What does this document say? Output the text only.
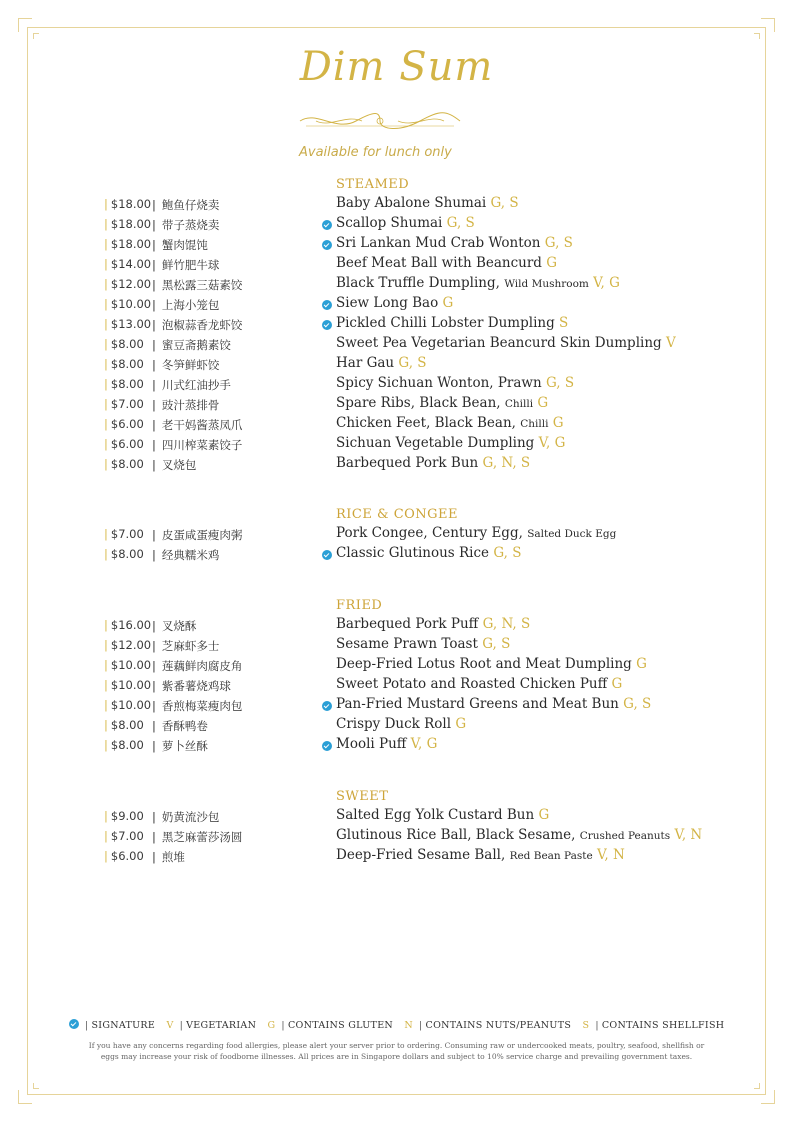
Dim Sum
Available for lunch only
STEAMED
| $18.00 | 鲍鱼仔烧卖	Baby Abalone Shumai G, S
| $18.00 | 带子蒸烧卖	Scallop Shumai G, S
| $18.00 | 蟹肉馄饨	Sri Lankan Mud Crab Wonton G, S
| $14.00 | 鲜竹肥牛球	Beef Meat Ball with Beancurd G
| $12.00 | 黑松露三菇素饺	Black Truffle Dumpling, Wild Mushroom V, G
| $10.00 | 上海小笼包	Siew Long Bao G
| $13.00 | 泡椒蒜香龙虾饺	Pickled Chilli Lobster Dumpling S
| $8.00 | 蜜豆斋鹅素饺	Sweet Pea Vegetarian Beancurd Skin Dumpling V
| $8.00 | 冬笋鲜虾饺	Har Gau G, S
| $8.00 | 川式红油抄手	Spicy Sichuan Wonton, Prawn G, S
| $7.00 | 豉汁蒸排骨	Spare Ribs, Black Bean, Chilli G
| $6.00 | 老干妈酱蒸凤爪	Chicken Feet, Black Bean, Chilli G
| $6.00 | 四川榨菜素饺子	Sichuan Vegetable Dumpling V, G
| $8.00 | 叉烧包	Barbequed Pork Bun G, N, S
RICE & CONGEE
| $7.00 | 皮蛋咸蛋瘦肉粥	Pork Congee, Century Egg, Salted Duck Egg
| $8.00 | 经典糯米鸡	Classic Glutinous Rice G, S
FRIED
| $16.00 | 叉烧酥	Barbequed Pork Puff G, N, S
| $12.00 | 芝麻虾多士	Sesame Prawn Toast G, S
| $10.00 | 莲藕鲜肉腐皮角	Deep-Fried Lotus Root and Meat Dumpling G
| $10.00 | 紫番薯烧鸡球	Sweet Potato and Roasted Chicken Puff G
| $10.00 | 香煎梅菜瘦肉包	Pan-Fried Mustard Greens and Meat Bun G, S
| $8.00 | 香酥鸭卷	Crispy Duck Roll G
| $8.00 | 萝卜丝酥	Mooli Puff V, G
SWEET
| $9.00 | 奶黄流沙包	Salted Egg Yolk Custard Bun G
| $7.00 | 黑芝麻蕾莎汤圆	Glutinous Rice Ball, Black Sesame, Crushed Peanuts V, N
| $6.00 | 煎堆	Deep-Fried Sesame Ball, Red Bean Paste V, N
| SIGNATURE V | VEGETARIAN G | CONTAINS GLUTEN N | CONTAINS NUTS/PEANUTS S | CONTAINS SHELLFISH
If you have any concerns regarding food allergies, please alert your server prior to ordering. Consuming raw or undercooked meats, poultry, seafood, shellfish or eggs may increase your risk of foodborne illnesses. All prices are in Singapore dollars and subject to 10% service charge and prevailing government taxes.
